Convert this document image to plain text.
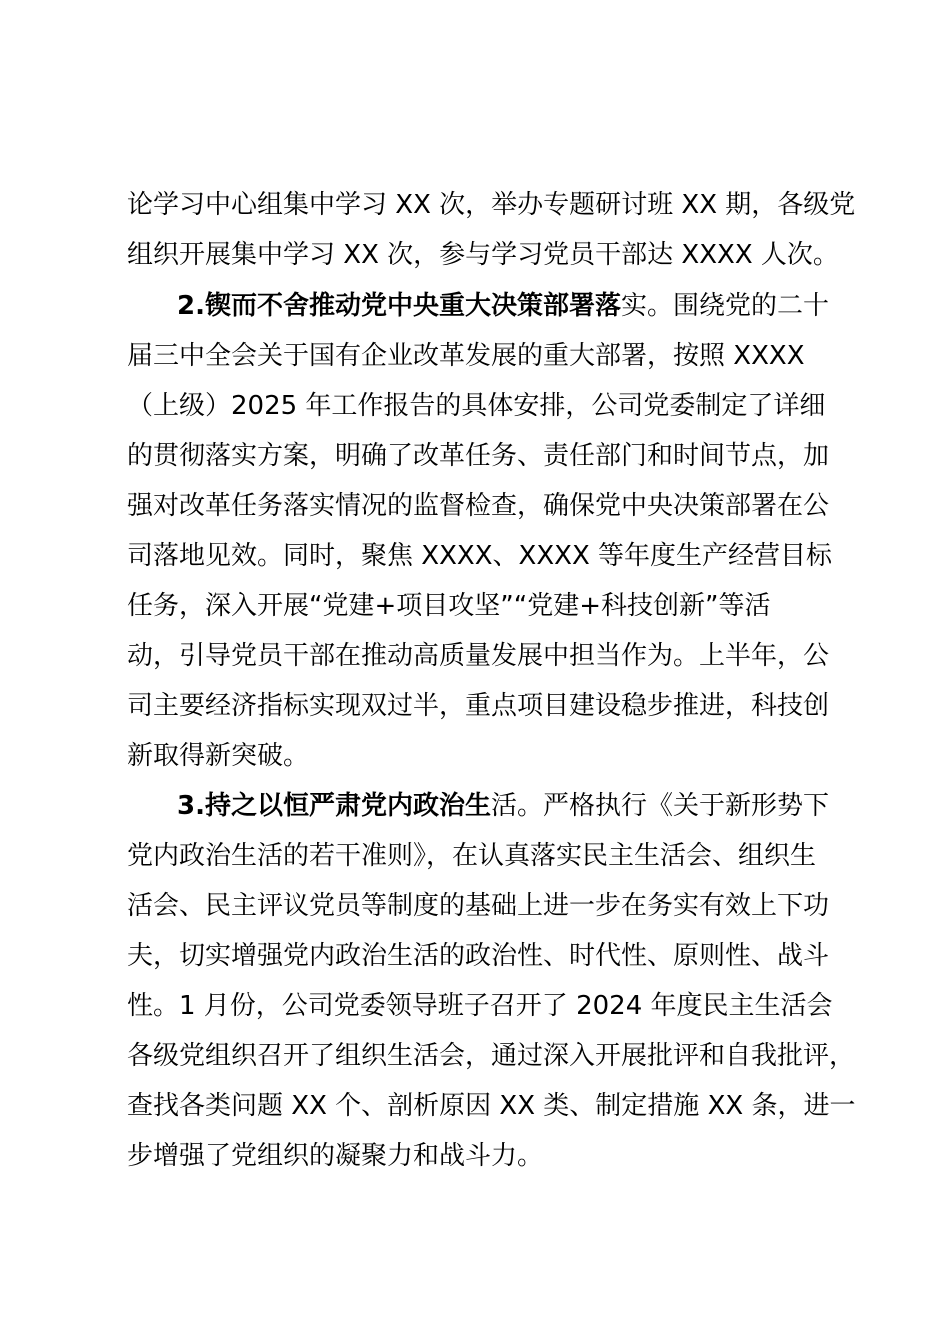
论学习中心组集中学习 XX 次，举办专题研讨班 XX 期，各级党
组织开展集中学习 XX 次，参与学习党员干部达 XXXX 人次。
2.锲而不舍推动党中央重大决策部署落实。围绕党的二十
届三中全会关于国有企业改革发展的重大部署，按照 XXXX
（上级）2025 年工作报告的具体安排，公司党委制定了详细
的贯彻落实方案，明确了改革任务、责任部门和时间节点，加
强对改革任务落实情况的监督检查，确保党中央决策部署在公
司落地见效。同时，聚焦 XXXX、XXXX 等年度生产经营目标
任务，深入开展“党建+项目攻坚”“党建+科技创新”等活
动，引导党员干部在推动高质量发展中担当作为。上半年，公
司主要经济指标实现双过半，重点项目建设稳步推进，科技创
新取得新突破。
3.持之以恒严肃党内政治生活。严格执行《关于新形势下
党内政治生活的若干准则》，在认真落实民主生活会、组织生
活会、民主评议党员等制度的基础上进一步在务实有效上下功
夫，切实增强党内政治生活的政治性、时代性、原则性、战斗
性。1 月份，公司党委领导班子召开了 2024 年度民主生活会
各级党组织召开了组织生活会，通过深入开展批评和自我批评，
查找各类问题 XX 个、剖析原因 XX 类、制定措施 XX 条，进一
步增强了党组织的凝聚力和战斗力。
